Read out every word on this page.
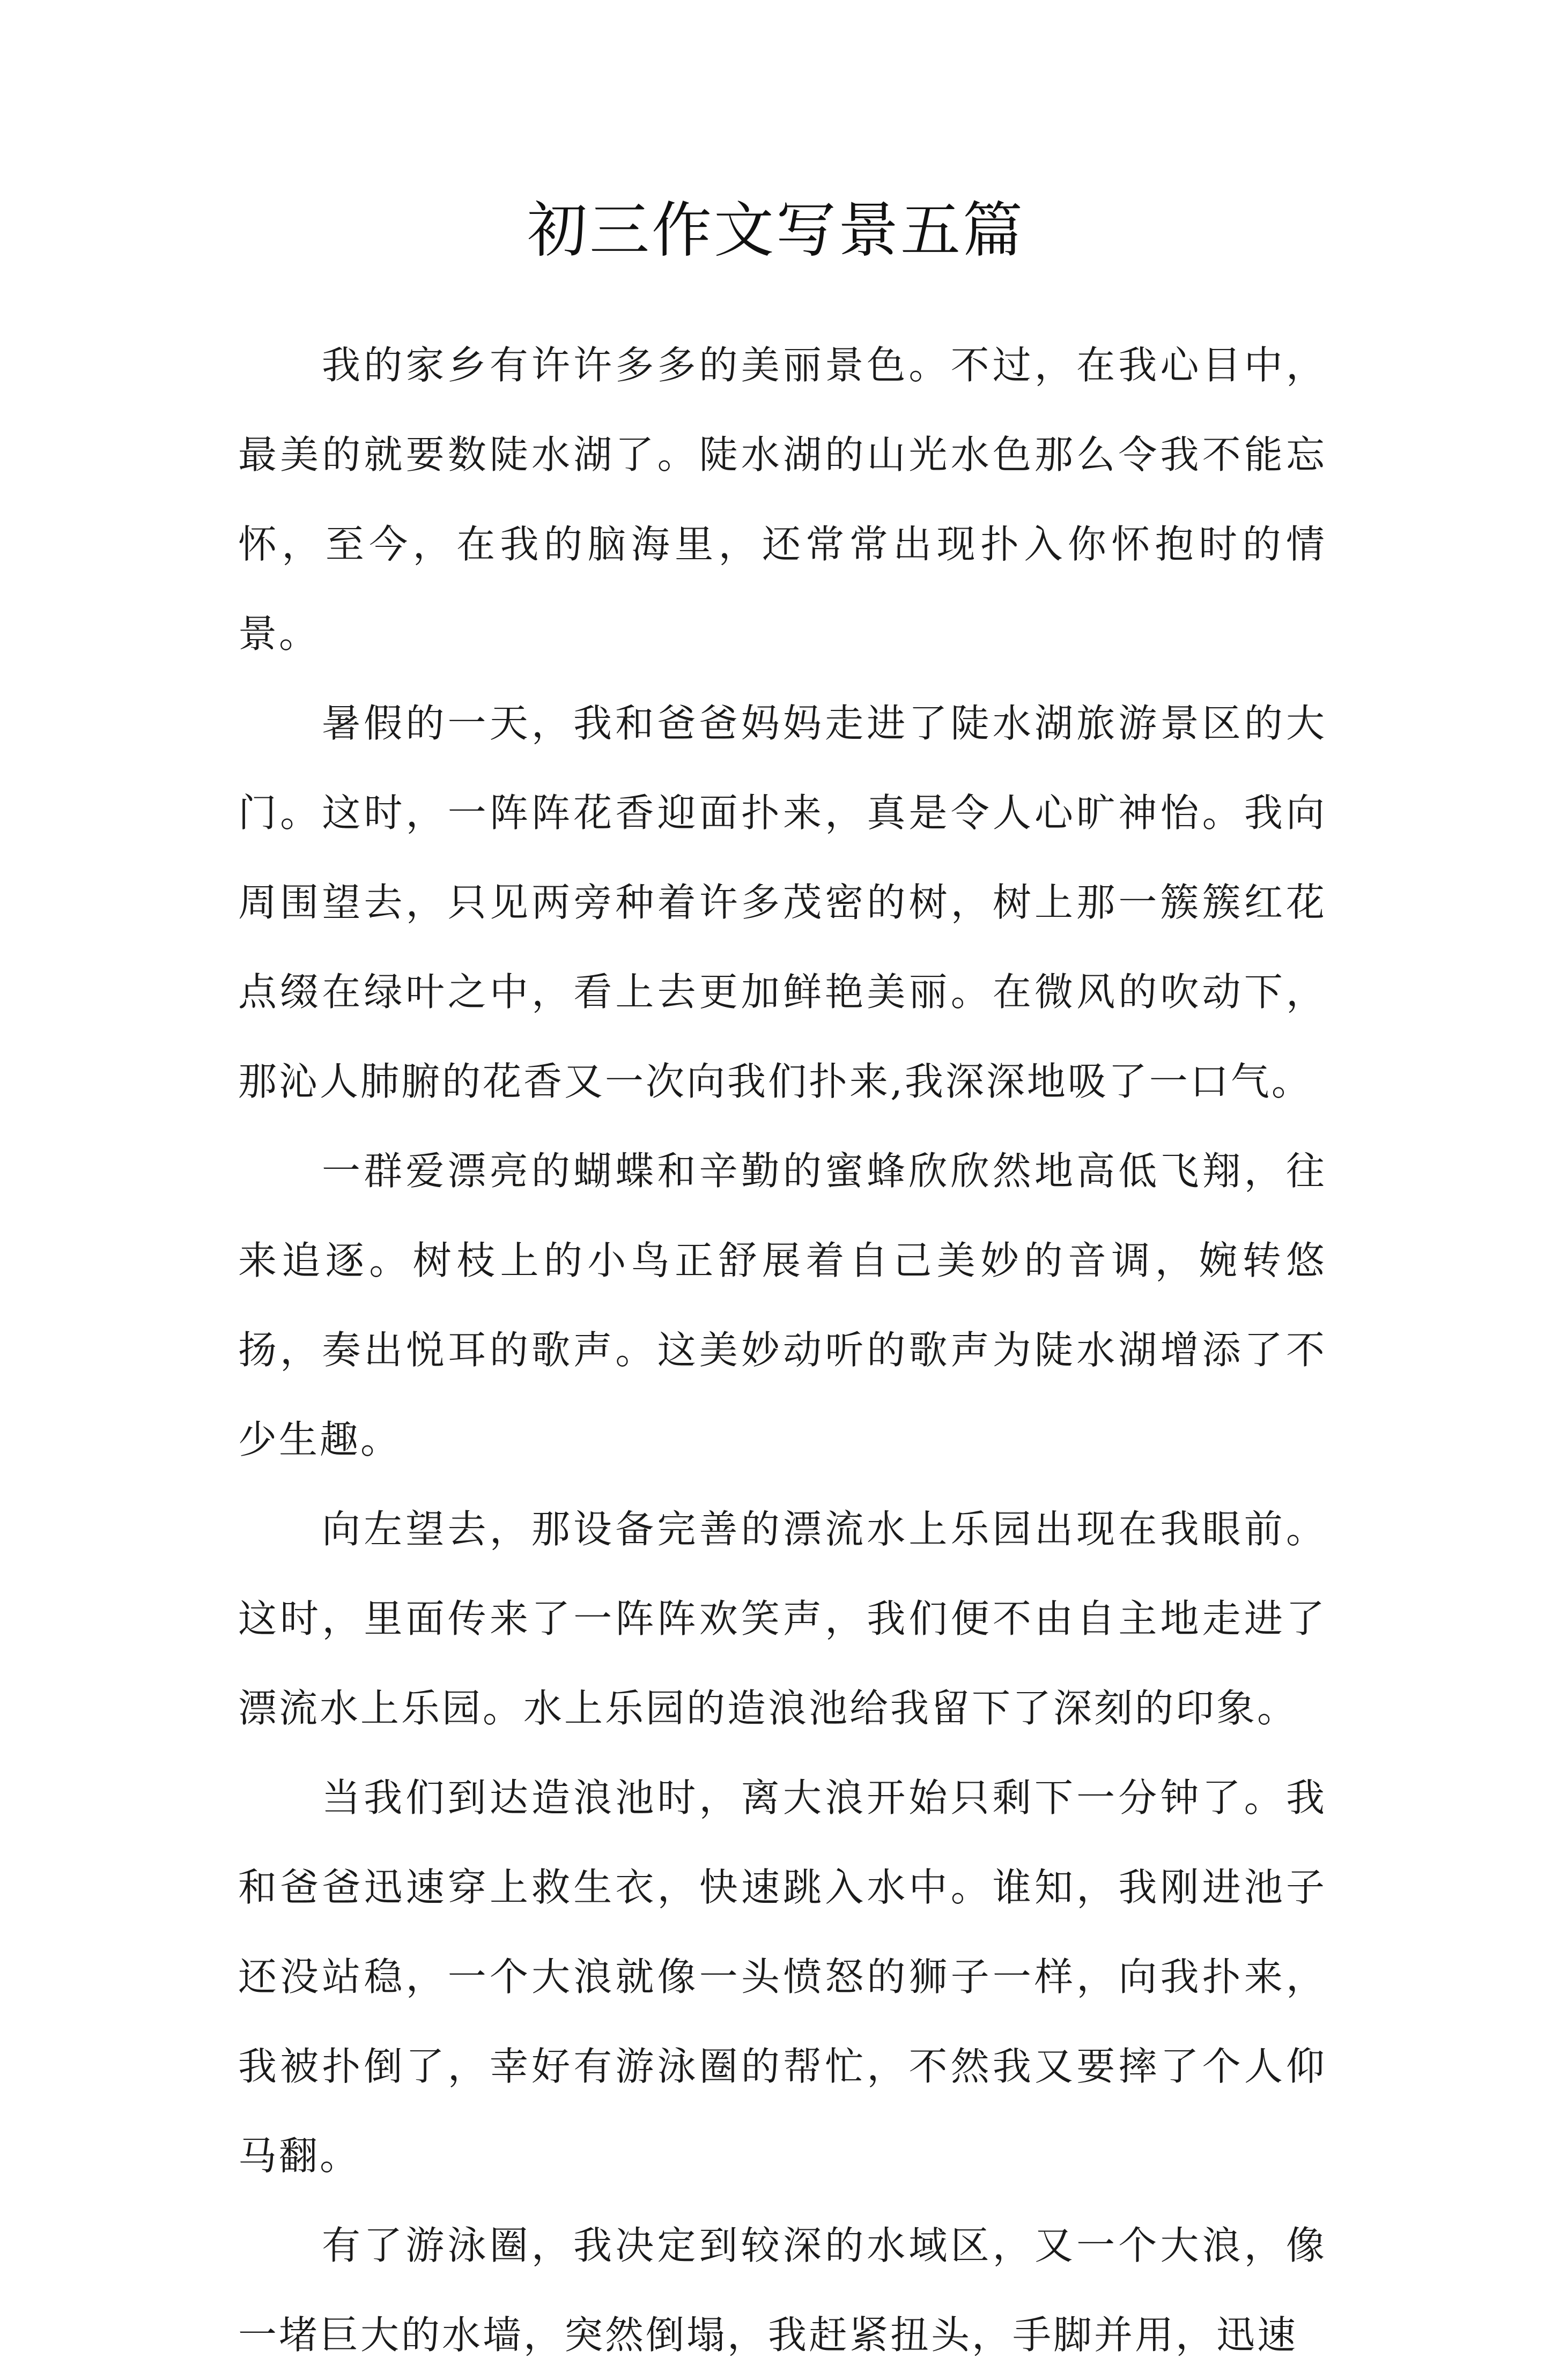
初三作文写景五篇

我的家乡有许许多多的美丽景色。不过，在我心目中，最美的就要数陡水湖了。陡水湖的山光水色那么令我不能忘怀，至今，在我的脑海里，还常常出现扑入你怀抱时的情景。

暑假的一天，我和爸爸妈妈走进了陡水湖旅游景区的大门。这时，一阵阵花香迎面扑来，真是令人心旷神怡。我向周围望去，只见两旁种着许多茂密的树，树上那一簇簇红花点缀在绿叶之中，看上去更加鲜艳美丽。在微风的吹动下，那沁人肺腑的花香又一次向我们扑来,我深深地吸了一口气。

一群爱漂亮的蝴蝶和辛勤的蜜蜂欣欣然地高低飞翔，往来追逐。树枝上的小鸟正舒展着自己美妙的音调，婉转悠扬，奏出悦耳的歌声。这美妙动听的歌声为陡水湖增添了不少生趣。

向左望去，那设备完善的漂流水上乐园出现在我眼前。这时，里面传来了一阵阵欢笑声，我们便不由自主地走进了漂流水上乐园。水上乐园的造浪池给我留下了深刻的印象。

当我们到达造浪池时，离大浪开始只剩下一分钟了。我和爸爸迅速穿上救生衣，快速跳入水中。谁知，我刚进池子还没站稳，一个大浪就像一头愤怒的狮子一样，向我扑来，我被扑倒了，幸好有游泳圈的帮忙，不然我又要摔了个人仰马翻。

有了游泳圈，我决定到较深的水域区，又一个大浪，像一堵巨大的水墙，突然倒塌，我赶紧扭头，手脚并用，迅速
